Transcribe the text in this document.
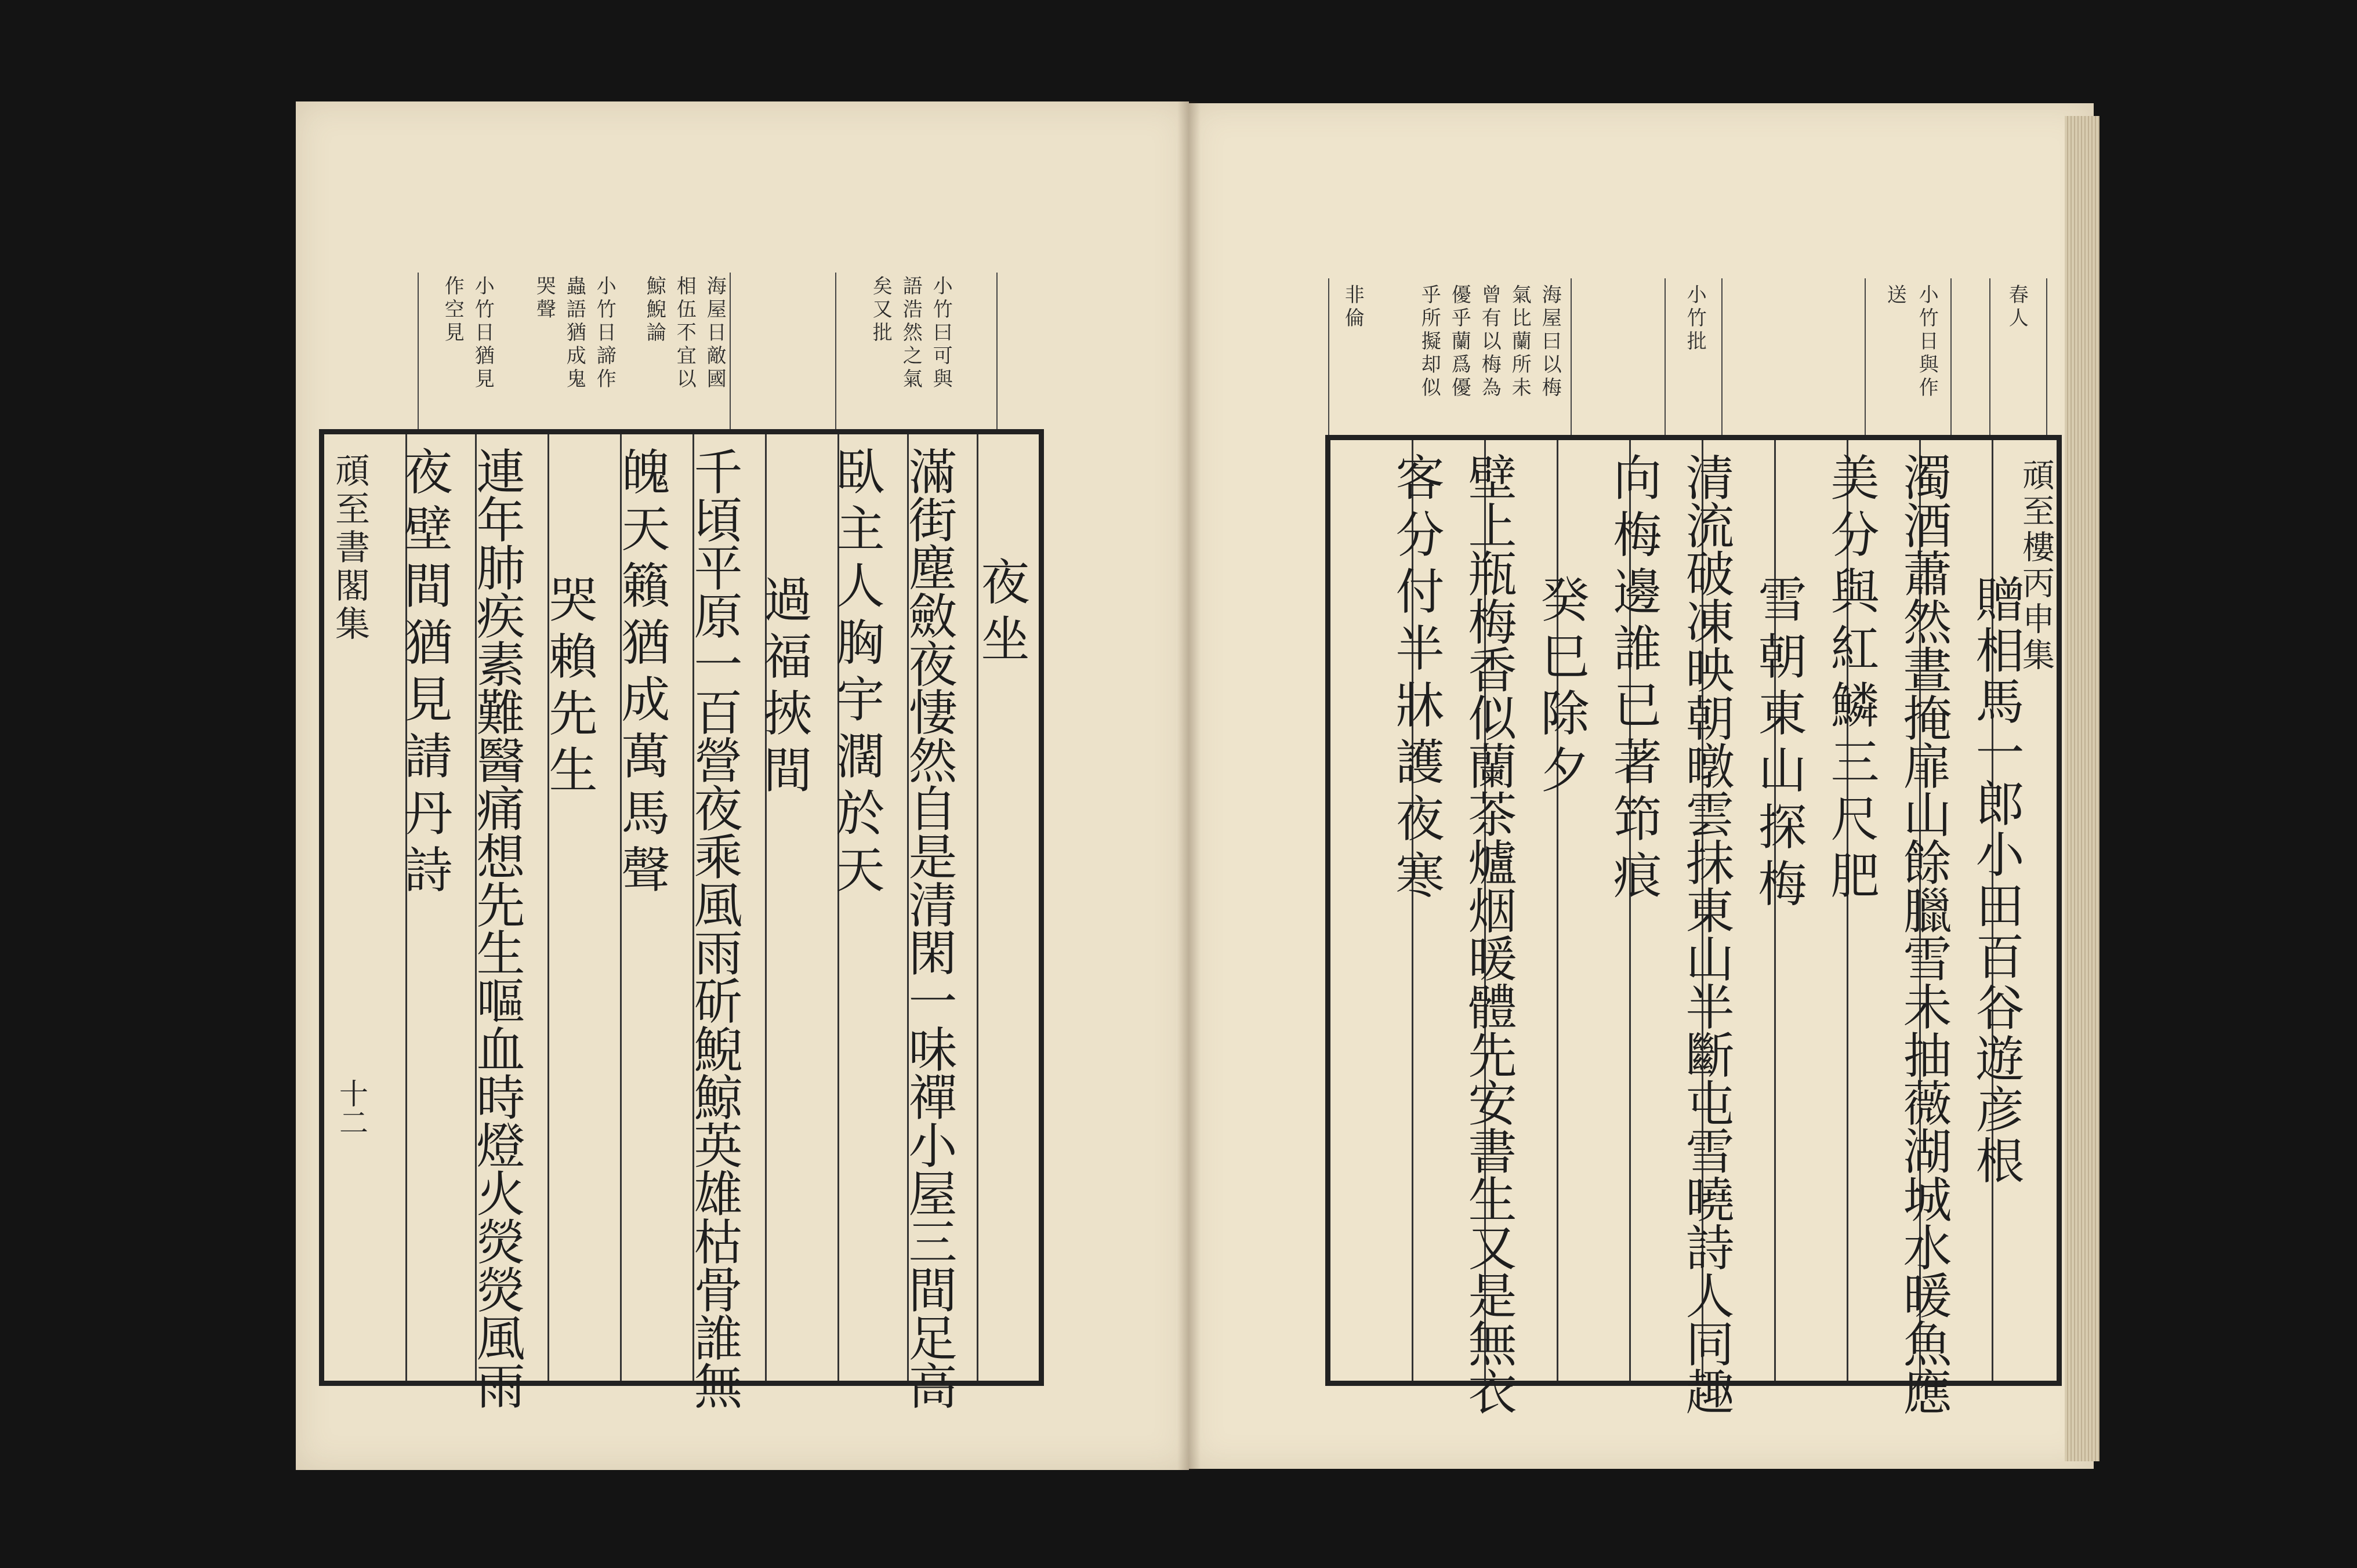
小竹曰可與
語浩然之氣
矣又批
海屋日敵國
相伍不宜以
鯨鯢論
小竹日諦作
蟲語猶成鬼
哭聲
小竹日猶見
作空見
夜坐
滿街塵斂夜悽然自是清閑一味禪小屋三間足高
臥主人胸宇濶於天
過福挾間
千頃平原一百營夜乘風雨斫鯢鯨英雄枯骨誰無
魄天籟猶成萬馬聲
哭賴先生
連年肺疾素難醫痛想先生嘔血時燈火熒熒風雨
夜壁間猶見請丹詩
頑至書閣集
十二
春人
小竹日與作
送
小竹批
海屋曰以梅
氣比蘭所未
曾有以梅為
優乎蘭爲優
乎所擬却似
非倫
贈相馬一郎小田百谷遊彦根
濁酒蕭然晝掩扉山餘臘雪未抽薇湖城水暖魚應
美分與紅鱗三尺肥
雪朝東山探梅
清流破凍映朝暾雲抹東山半斷屯雪曉詩人同趣
向梅邊誰已著笻痕
癸巳除夕
壁上瓶梅香似蘭茶爐烟暖體先安書生又是無衣
客分付半牀護夜寒	頑至樓丙申集
